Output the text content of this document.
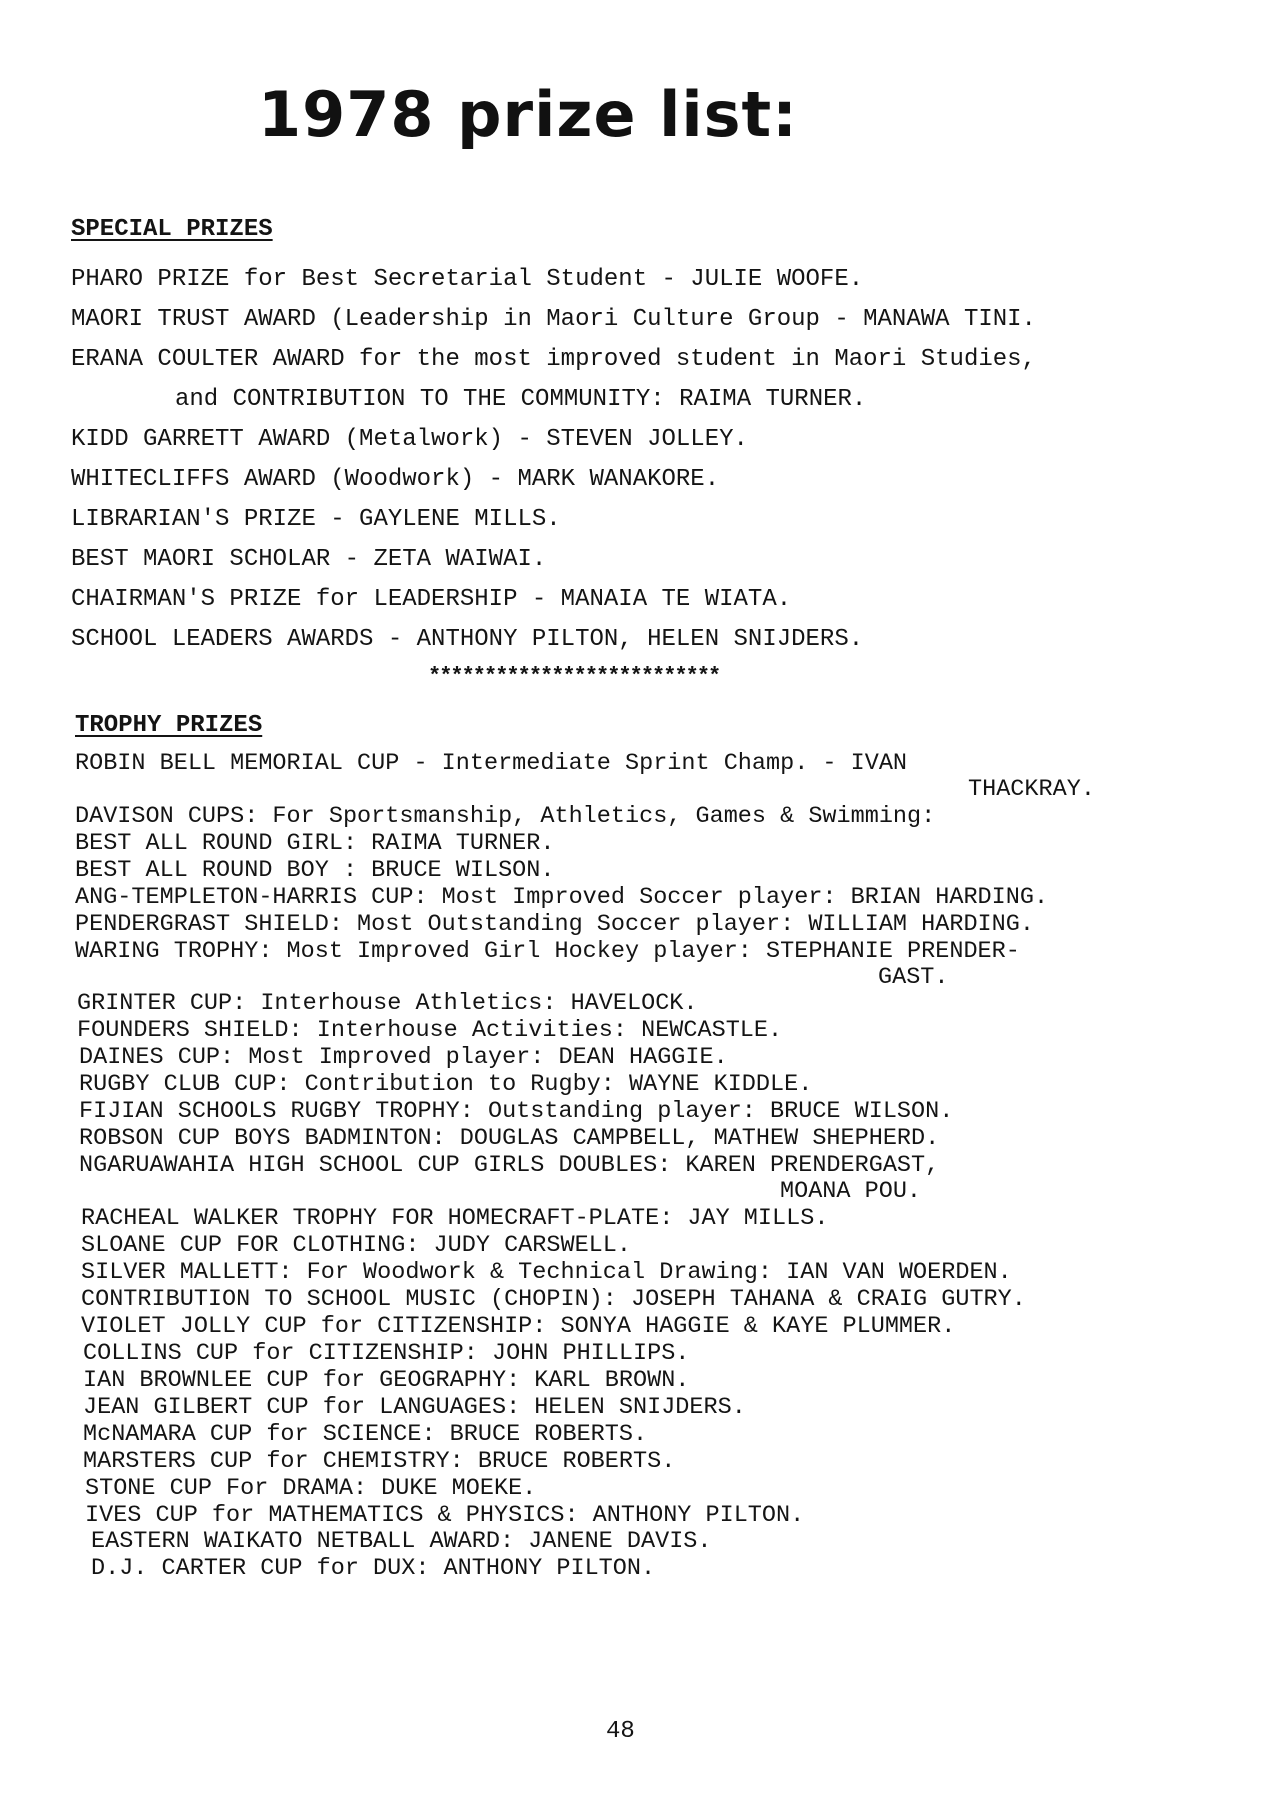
1978 prize list:
SPECIAL PRIZES

PHARO PRIZE for Best Secretarial Student - JULIE WOOFE.

MAORI TRUST AWARD (Leadership in Maori Culture Group - MANAWA TINI.

ERANA COULTER AWARD for the most improved student in Maori Studies,

and CONTRIBUTION TO THE COMMUNITY: RAIMA TURNER.

KIDD GARRETT AWARD (Metalwork) - STEVEN JOLLEY.

WHITECLIFFS AWARD (Woodwork) - MARK WANAKORE.

LIBRARIAN'S PRIZE - GAYLENE MILLS.

BEST MAORI SCHOLAR - ZETA WAIWAI.

CHAIRMAN'S PRIZE for LEADERSHIP - MANAIA TE WIATA.

SCHOOL LEADERS AWARDS - ANTHONY PILTON, HELEN SNIJDERS.

**************************
TROPHY PRIZES

ROBIN BELL MEMORIAL CUP - Intermediate Sprint Champ. - IVAN

THACKRAY.

DAVISON CUPS: For Sportsmanship, Athletics, Games & Swimming:

BEST ALL ROUND GIRL: RAIMA TURNER.

BEST ALL ROUND BOY : BRUCE WILSON.

ANG-TEMPLETON-HARRIS CUP: Most Improved Soccer player: BRIAN HARDING.

PENDERGRAST SHIELD: Most Outstanding Soccer player: WILLIAM HARDING.

WARING TROPHY: Most Improved Girl Hockey player: STEPHANIE PRENDER-

GAST.

GRINTER CUP: Interhouse Athletics: HAVELOCK.

FOUNDERS SHIELD: Interhouse Activities: NEWCASTLE.

DAINES CUP: Most Improved player: DEAN HAGGIE.

RUGBY CLUB CUP: Contribution to Rugby: WAYNE KIDDLE.

FIJIAN SCHOOLS RUGBY TROPHY: Outstanding player: BRUCE WILSON.

ROBSON CUP BOYS BADMINTON: DOUGLAS CAMPBELL, MATHEW SHEPHERD.

NGARUAWAHIA HIGH SCHOOL CUP GIRLS DOUBLES: KAREN PRENDERGAST,

MOANA POU.

RACHEAL WALKER TROPHY FOR HOMECRAFT-PLATE: JAY MILLS.

SLOANE CUP FOR CLOTHING: JUDY CARSWELL.

SILVER MALLETT: For Woodwork & Technical Drawing: IAN VAN WOERDEN.

CONTRIBUTION TO SCHOOL MUSIC (CHOPIN): JOSEPH TAHANA & CRAIG GUTRY.

VIOLET JOLLY CUP for CITIZENSHIP: SONYA HAGGIE & KAYE PLUMMER.

COLLINS CUP for CITIZENSHIP: JOHN PHILLIPS.

IAN BROWNLEE CUP for GEOGRAPHY: KARL BROWN.

JEAN GILBERT CUP for LANGUAGES: HELEN SNIJDERS.

McNAMARA CUP for SCIENCE: BRUCE ROBERTS.

MARSTERS CUP for CHEMISTRY: BRUCE ROBERTS.

STONE CUP For DRAMA: DUKE MOEKE.

IVES CUP for MATHEMATICS & PHYSICS: ANTHONY PILTON.

EASTERN WAIKATO NETBALL AWARD: JANENE DAVIS.

D.J. CARTER CUP for DUX: ANTHONY PILTON.

48
